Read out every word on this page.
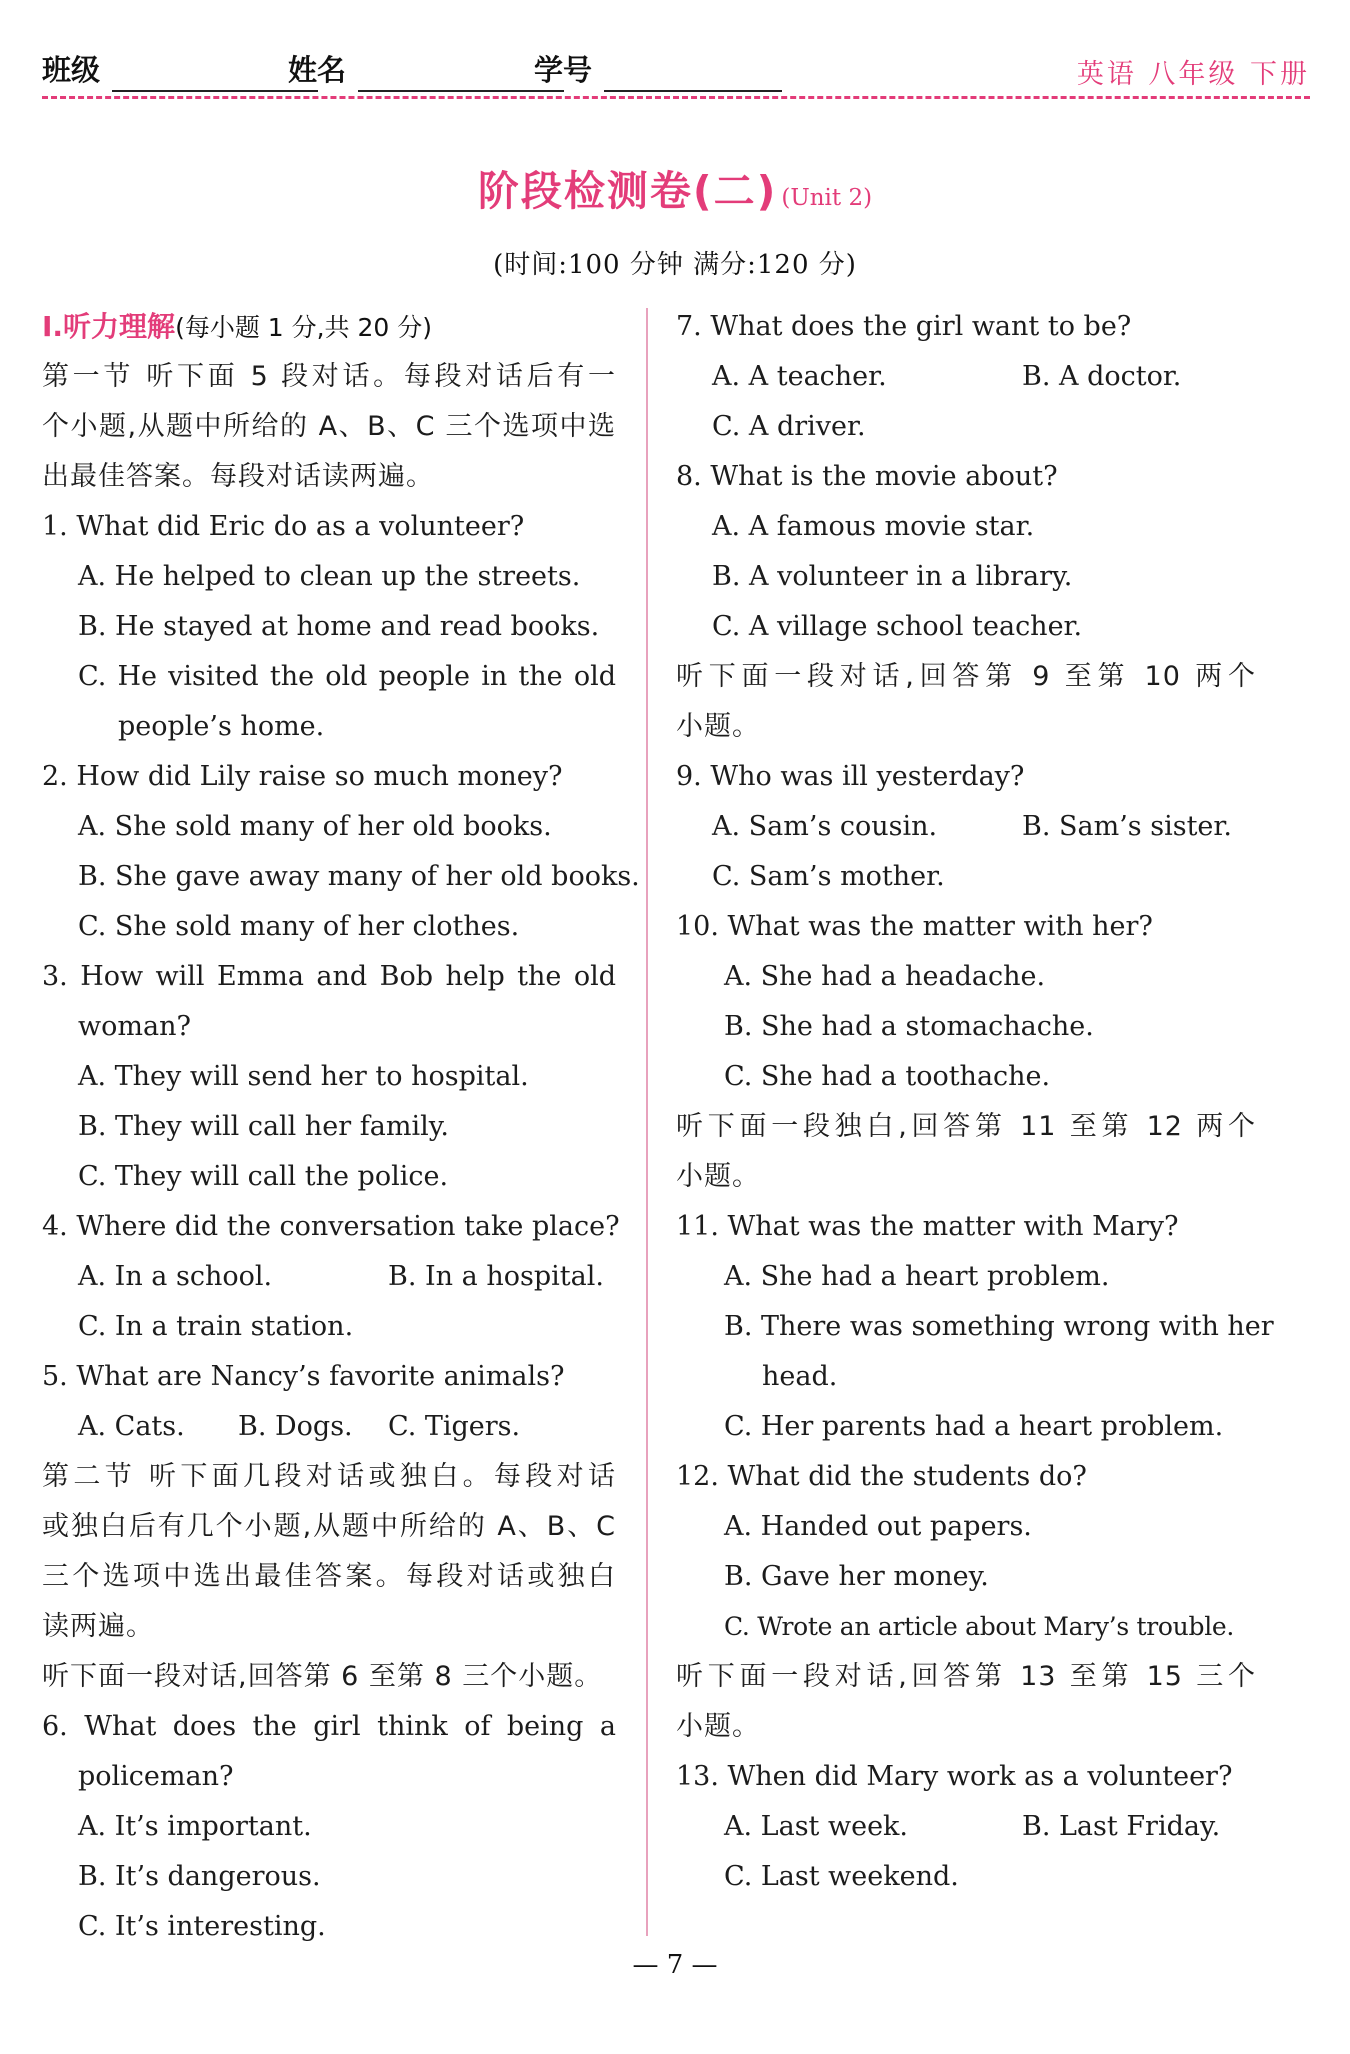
班级	姓名	学号	英语 八年级 下册
阶段检测卷(二) (Unit 2)
(时间:100 分钟 满分:120 分)
Ⅰ.听力理解(每小题 1 分,共 20 分)
第一节 听下面 5 段对话。每段对话后有一
个小题,从题中所给的 A、B、C 三个选项中选
出最佳答案。每段对话读两遍。
1. What did Eric do as a volunteer?
A. He helped to clean up the streets.
B. He stayed at home and read books.
C. He visited the old people in the old
people’s home.
2. How did Lily raise so much money?
A. She sold many of her old books.
B. She gave away many of her old books.
C. She sold many of her clothes.
3. How will Emma and Bob help the old
woman?
A. They will send her to hospital.
B. They will call her family.
C. They will call the police.
4. Where did the conversation take place?
A. In a school.	B. In a hospital.
C. In a train station.
5. What are Nancy’s favorite animals?
A. Cats. B. Dogs. C. Tigers.
第二节 听下面几段对话或独白。每段对话
或独白后有几个小题,从题中所给的 A、B、C
三个选项中选出最佳答案。每段对话或独白
读两遍。
听下面一段对话,回答第 6 至第 8 三个小题。
6. What does the girl think of being a
policeman?
A. It’s important.
B. It’s dangerous.
C. It’s interesting.
7. What does the girl want to be?
A. A teacher.	B. A doctor.
C. A driver.
8. What is the movie about?
A. A famous movie star.
B. A volunteer in a library.
C. A village school teacher.
听下面一段对话,回答第 9 至第 10 两个
小题。
9. Who was ill yesterday?
A. Sam’s cousin.	B. Sam’s sister.
C. Sam’s mother.
10. What was the matter with her?
A. She had a headache.
B. She had a stomachache.
C. She had a toothache.
听下面一段独白,回答第 11 至第 12 两个
小题。
11. What was the matter with Mary?
A. She had a heart problem.
B. There was something wrong with her
head.
C. Her parents had a heart problem.
12. What did the students do?
A. Handed out papers.
B. Gave her money.
C. Wrote an article about Mary’s trouble.
听下面一段对话,回答第 13 至第 15 三个
小题。
13. When did Mary work as a volunteer?
A. Last week.	B. Last Friday.
C. Last weekend.
— 7 —
